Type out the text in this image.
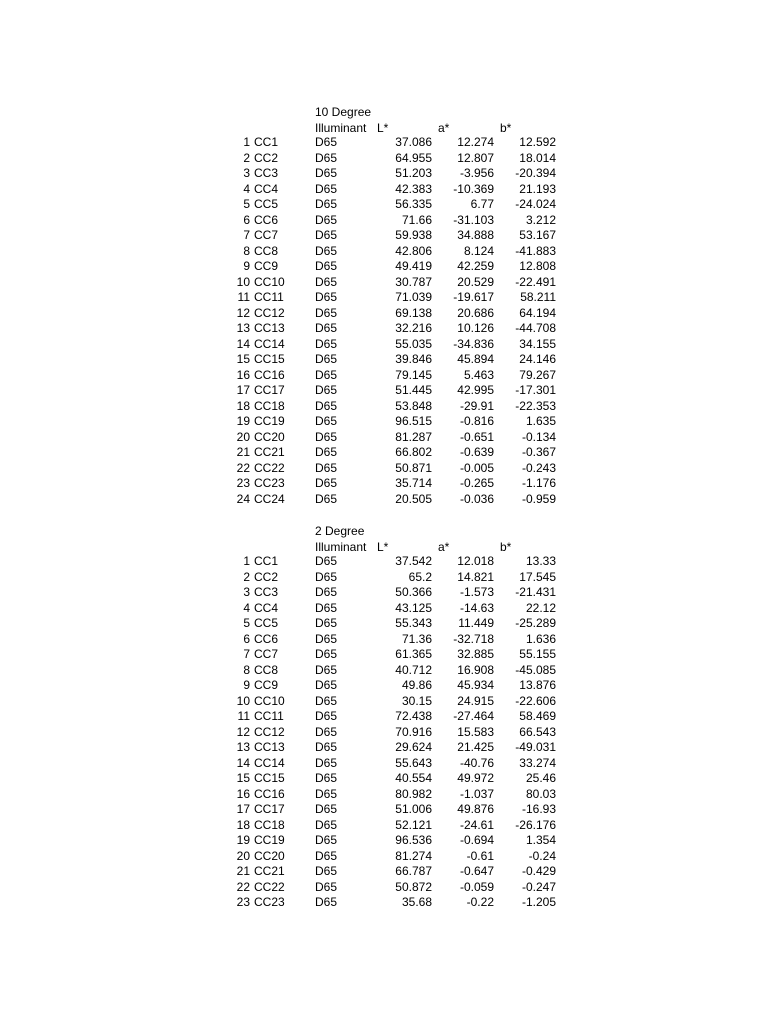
10 Degree
Illuminant L*	a*	b*
1 CC1	D65	37.086	12.274	12.592
2 CC2	D65	64.955	12.807	18.014
3 CC3	D65	51.203	-3.956	-20.394
4 CC4	D65	42.383	-10.369	21.193
5 CC5	D65	56.335	6.77	-24.024
6 CC6	D65	71.66	-31.103	3.212
7 CC7	D65	59.938	34.888	53.167
8 CC8	D65	42.806	8.124	-41.883
9 CC9	D65	49.419	42.259	12.808
10 CC10	D65	30.787	20.529	-22.491
11 CC11	D65	71.039	-19.617	58.211
12 CC12	D65	69.138	20.686	64.194
13 CC13	D65	32.216	10.126	-44.708
14 CC14	D65	55.035	-34.836	34.155
15 CC15	D65	39.846	45.894	24.146
16 CC16	D65	79.145	5.463	79.267
17 CC17	D65	51.445	42.995	-17.301
18 CC18	D65	53.848	-29.91	-22.353
19 CC19	D65	96.515	-0.816	1.635
20 CC20	D65	81.287	-0.651	-0.134
21 CC21	D65	66.802	-0.639	-0.367
22 CC22	D65	50.871	-0.005	-0.243
23 CC23	D65	35.714	-0.265	-1.176
24 CC24	D65	20.505	-0.036	-0.959
2 Degree
Illuminant L*	a*	b*
1 CC1	D65	37.542	12.018	13.33
2 CC2	D65	65.2	14.821	17.545
3 CC3	D65	50.366	-1.573	-21.431
4 CC4	D65	43.125	-14.63	22.12
5 CC5	D65	55.343	11.449	-25.289
6 CC6	D65	71.36	-32.718	1.636
7 CC7	D65	61.365	32.885	55.155
8 CC8	D65	40.712	16.908	-45.085
9 CC9	D65	49.86	45.934	13.876
10 CC10	D65	30.15	24.915	-22.606
11 CC11	D65	72.438	-27.464	58.469
12 CC12	D65	70.916	15.583	66.543
13 CC13	D65	29.624	21.425	-49.031
14 CC14	D65	55.643	-40.76	33.274
15 CC15	D65	40.554	49.972	25.46
16 CC16	D65	80.982	-1.037	80.03
17 CC17	D65	51.006	49.876	-16.93
18 CC18	D65	52.121	-24.61	-26.176
19 CC19	D65	96.536	-0.694	1.354
20 CC20	D65	81.274	-0.61	-0.24
21 CC21	D65	66.787	-0.647	-0.429
22 CC22	D65	50.872	-0.059	-0.247
23 CC23	D65	35.68	-0.22	-1.205
